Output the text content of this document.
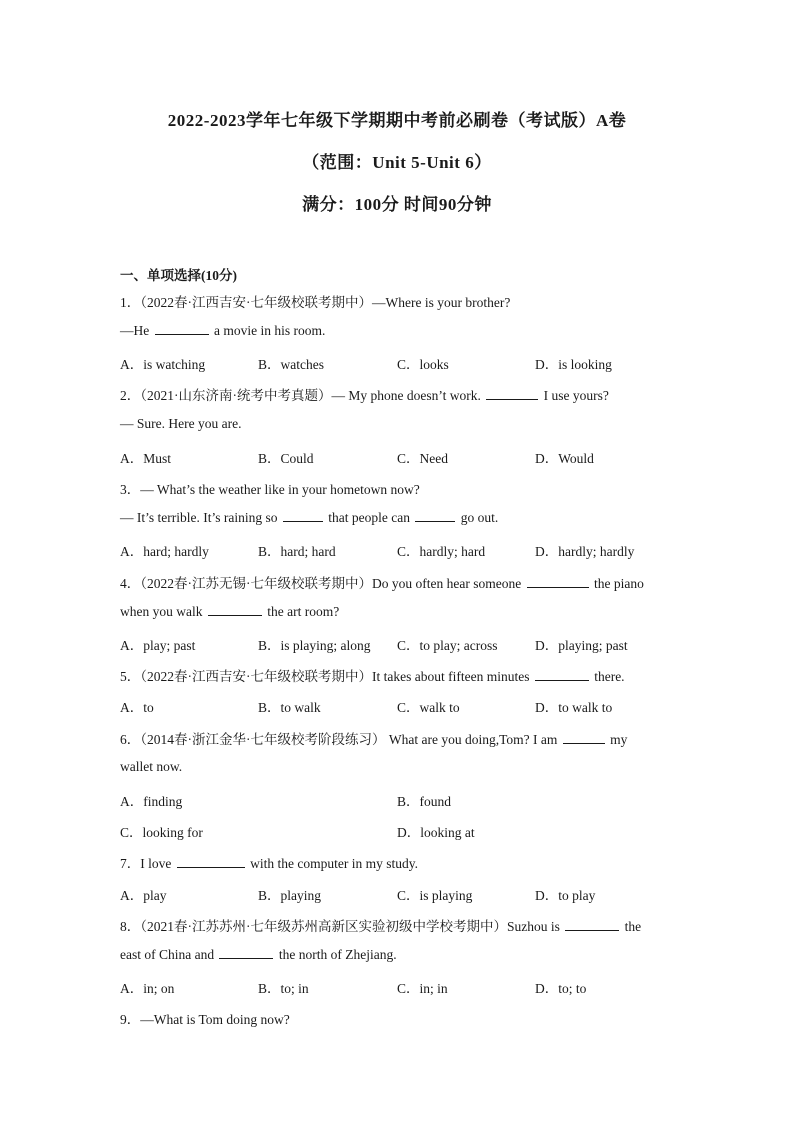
2022-2023学年七年级下学期期中考前必刷卷（考试版）A卷
（范围：Unit 5-Unit 6）
满分：100分 时间90分钟
一、单项选择(10分)
1．（2022春·江西吉安·七年级校联考期中）—Where is your brother?
—He	a movie in his room.
A．is watching	B．watches	C．looks	D．is looking
2．（2021·山东济南·统考中考真题）— My phone doesn’t work.	I use yours?
— Sure. Here you are.
A．Must	B．Could	C．Need	D．Would
3．— What’s the weather like in your hometown now?
— It’s terrible. It’s raining so	that people can	go out.
A．hard; hardly	B．hard; hard	C．hardly; hard	D．hardly; hardly
4．（2022春·江苏无锡·七年级校联考期中）Do you often hear someone	the piano
when you walk	the art room?
A．play; past	B．is playing; along C．to play; across	D．playing; past
5．（2022春·江西吉安·七年级校联考期中）It takes about fifteen minutes	there.
A．to	B．to walk	C．walk to	D．to walk to
6．（2014春·浙江金华·七年级校考阶段练习） What are you doing,Tom? I am	my
wallet now.
A．finding	B．found
C．looking for	D．looking at
7．I love	with the computer in my study.
A．play	B．playing	C．is playing	D．to play
8．（2021春·江苏苏州·七年级苏州高新区实验初级中学校考期中）Suzhou is	the
east of China and	the north of Zhejiang.
A．in; on	B．to; in	C．in; in	D．to; to
9．—What is Tom doing now?
